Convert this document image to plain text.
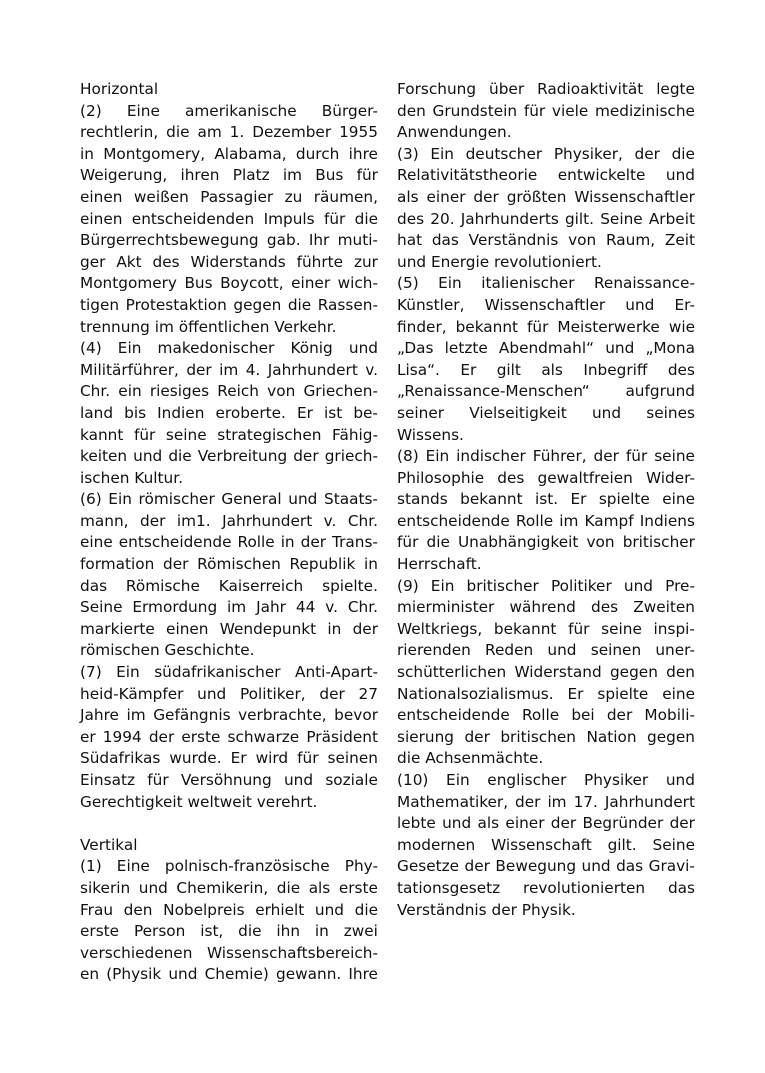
Horizontal
(2) Eine amerikanische Bürger-
rechtlerin, die am 1. Dezember 1955
in Montgomery, Alabama, durch ihre
Weigerung, ihren Platz im Bus für
einen weißen Passagier zu räumen,
einen entscheidenden Impuls für die
Bürgerrechtsbewegung gab. Ihr muti-
ger Akt des Widerstands führte zur
Montgomery Bus Boycott, einer wich-
tigen Protestaktion gegen die Rassen-
trennung im öffentlichen Verkehr.
(4) Ein makedonischer König und
Militärführer, der im 4. Jahrhundert v.
Chr. ein riesiges Reich von Griechen-
land bis Indien eroberte. Er ist be-
kannt für seine strategischen Fähig-
keiten und die Verbreitung der griech-
ischen Kultur.
(6) Ein römischer General und Staats-
mann, der im1. Jahrhundert v. Chr.
eine entscheidende Rolle in der Trans-
formation der Römischen Republik in
das Römische Kaiserreich spielte.
Seine Ermordung im Jahr 44 v. Chr.
markierte einen Wendepunkt in der
römischen Geschichte.
(7) Ein südafrikanischer Anti-Apart-
heid-Kämpfer und Politiker, der 27
Jahre im Gefängnis verbrachte, bevor
er 1994 der erste schwarze Präsident
Südafrikas wurde. Er wird für seinen
Einsatz für Versöhnung und soziale
Gerechtigkeit weltweit verehrt.
Vertikal
(1) Eine polnisch-französische Phy-
sikerin und Chemikerin, die als erste
Frau den Nobelpreis erhielt und die
erste Person ist, die ihn in zwei
verschiedenen Wissenschaftsbereich-
en (Physik und Chemie) gewann. Ihre
Forschung über Radioaktivität legte
den Grundstein für viele medizinische
Anwendungen.
(3) Ein deutscher Physiker, der die
Relativitätstheorie entwickelte und
als einer der größten Wissenschaftler
des 20. Jahrhunderts gilt. Seine Arbeit
hat das Verständnis von Raum, Zeit
und Energie revolutioniert.
(5) Ein italienischer Renaissance-
Künstler, Wissenschaftler und Er-
finder, bekannt für Meisterwerke wie
„Das letzte Abendmahl“ und „Mona
Lisa“. Er gilt als Inbegriff des
„Renaissance-Menschen“ aufgrund
seiner Vielseitigkeit und seines
Wissens.
(8) Ein indischer Führer, der für seine
Philosophie des gewaltfreien Wider-
stands bekannt ist. Er spielte eine
entscheidende Rolle im Kampf Indiens
für die Unabhängigkeit von britischer
Herrschaft.
(9) Ein britischer Politiker und Pre-
mierminister während des Zweiten
Weltkriegs, bekannt für seine inspi-
rierenden Reden und seinen uner-
schütterlichen Widerstand gegen den
Nationalsozialismus. Er spielte eine
entscheidende Rolle bei der Mobili-
sierung der britischen Nation gegen
die Achsenmächte.
(10) Ein englischer Physiker und
Mathematiker, der im 17. Jahrhundert
lebte und als einer der Begründer der
modernen Wissenschaft gilt. Seine
Gesetze der Bewegung und das Gravi-
tationsgesetz revolutionierten das
Verständnis der Physik.
